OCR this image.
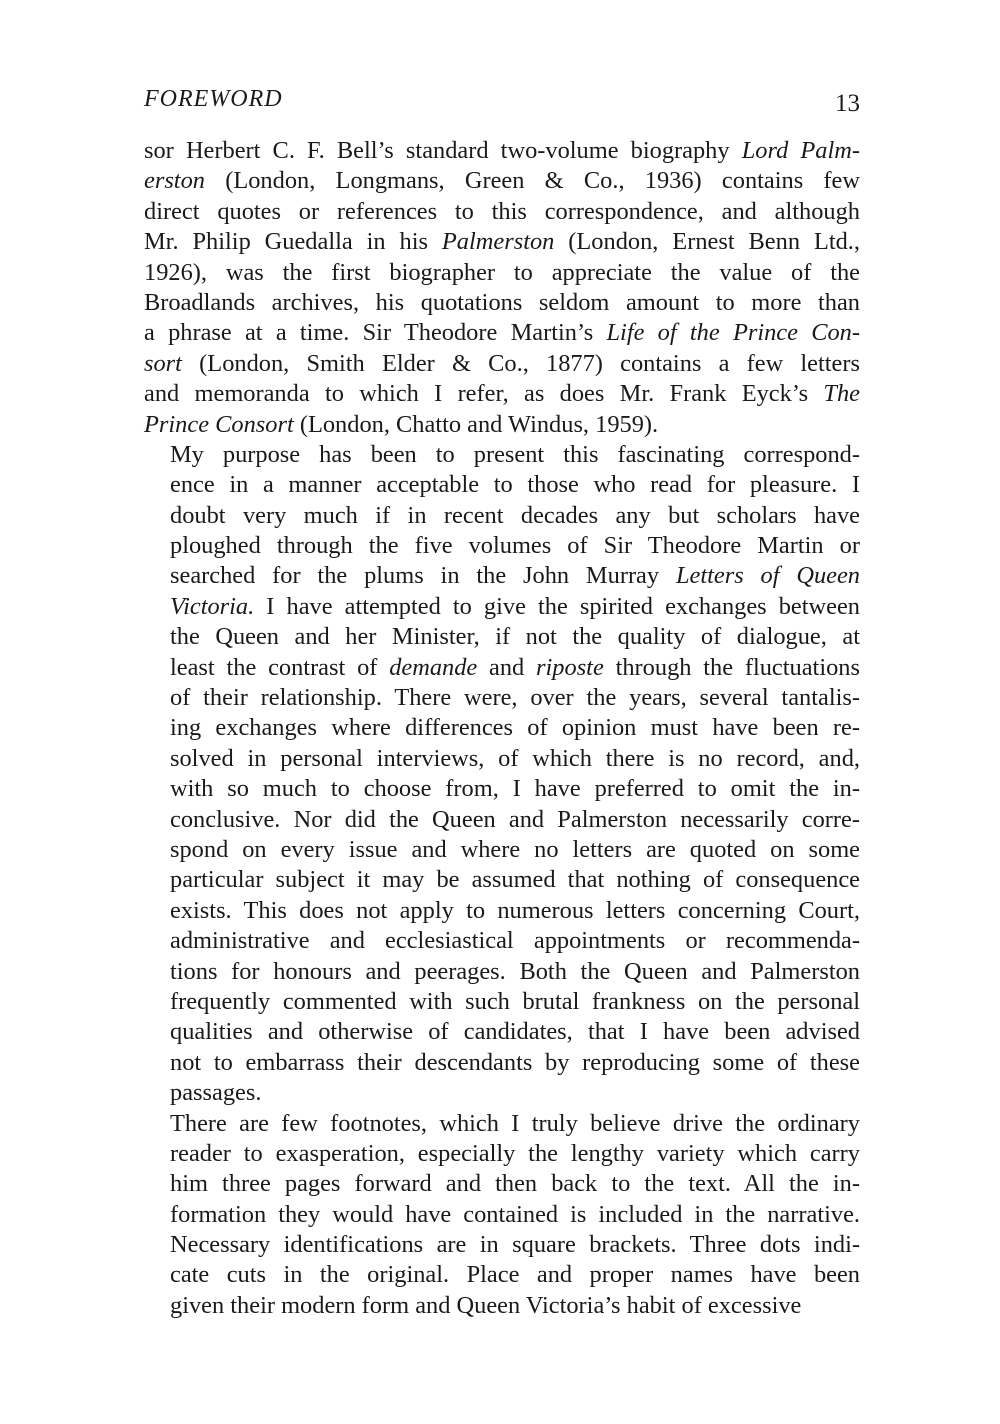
FOREWORD	13

sor Herbert C. F. Bell’s standard two-volume biography Lord Palm-
erston (London, Longmans, Green & Co., 1936) contains few
direct quotes or references to this correspondence, and although
Mr. Philip Guedalla in his Palmerston (London, Ernest Benn Ltd.,
1926), was the first biographer to appreciate the value of the
Broadlands archives, his quotations seldom amount to more than
a phrase at a time. Sir Theodore Martin’s Life of the Prince Con-
sort (London, Smith Elder & Co., 1877) contains a few letters
and memoranda to which I refer, as does Mr. Frank Eyck’s The
Prince Consort (London, Chatto and Windus, 1959).

My purpose has been to present this fascinating correspond-
ence in a manner acceptable to those who read for pleasure. I
doubt very much if in recent decades any but scholars have
ploughed through the five volumes of Sir Theodore Martin or
searched for the plums in the John Murray Letters of Queen
Victoria. I have attempted to give the spirited exchanges between
the Queen and her Minister, if not the quality of dialogue, at
least the contrast of demande and riposte through the fluctuations
of their relationship. There were, over the years, several tantalis-
ing exchanges where differences of opinion must have been re-
solved in personal interviews, of which there is no record, and,
with so much to choose from, I have preferred to omit the in-
conclusive. Nor did the Queen and Palmerston necessarily corre-
spond on every issue and where no letters are quoted on some
particular subject it may be assumed that nothing of consequence
exists. This does not apply to numerous letters concerning Court,
administrative and ecclesiastical appointments or recommenda-
tions for honours and peerages. Both the Queen and Palmerston
frequently commented with such brutal frankness on the personal
qualities and otherwise of candidates, that I have been advised
not to embarrass their descendants by reproducing some of these
passages.

There are few footnotes, which I truly believe drive the ordinary
reader to exasperation, especially the lengthy variety which carry
him three pages forward and then back to the text. All the in-
formation they would have contained is included in the narrative.
Necessary identifications are in square brackets. Three dots indi-
cate cuts in the original. Place and proper names have been
given their modern form and Queen Victoria’s habit of excessive
